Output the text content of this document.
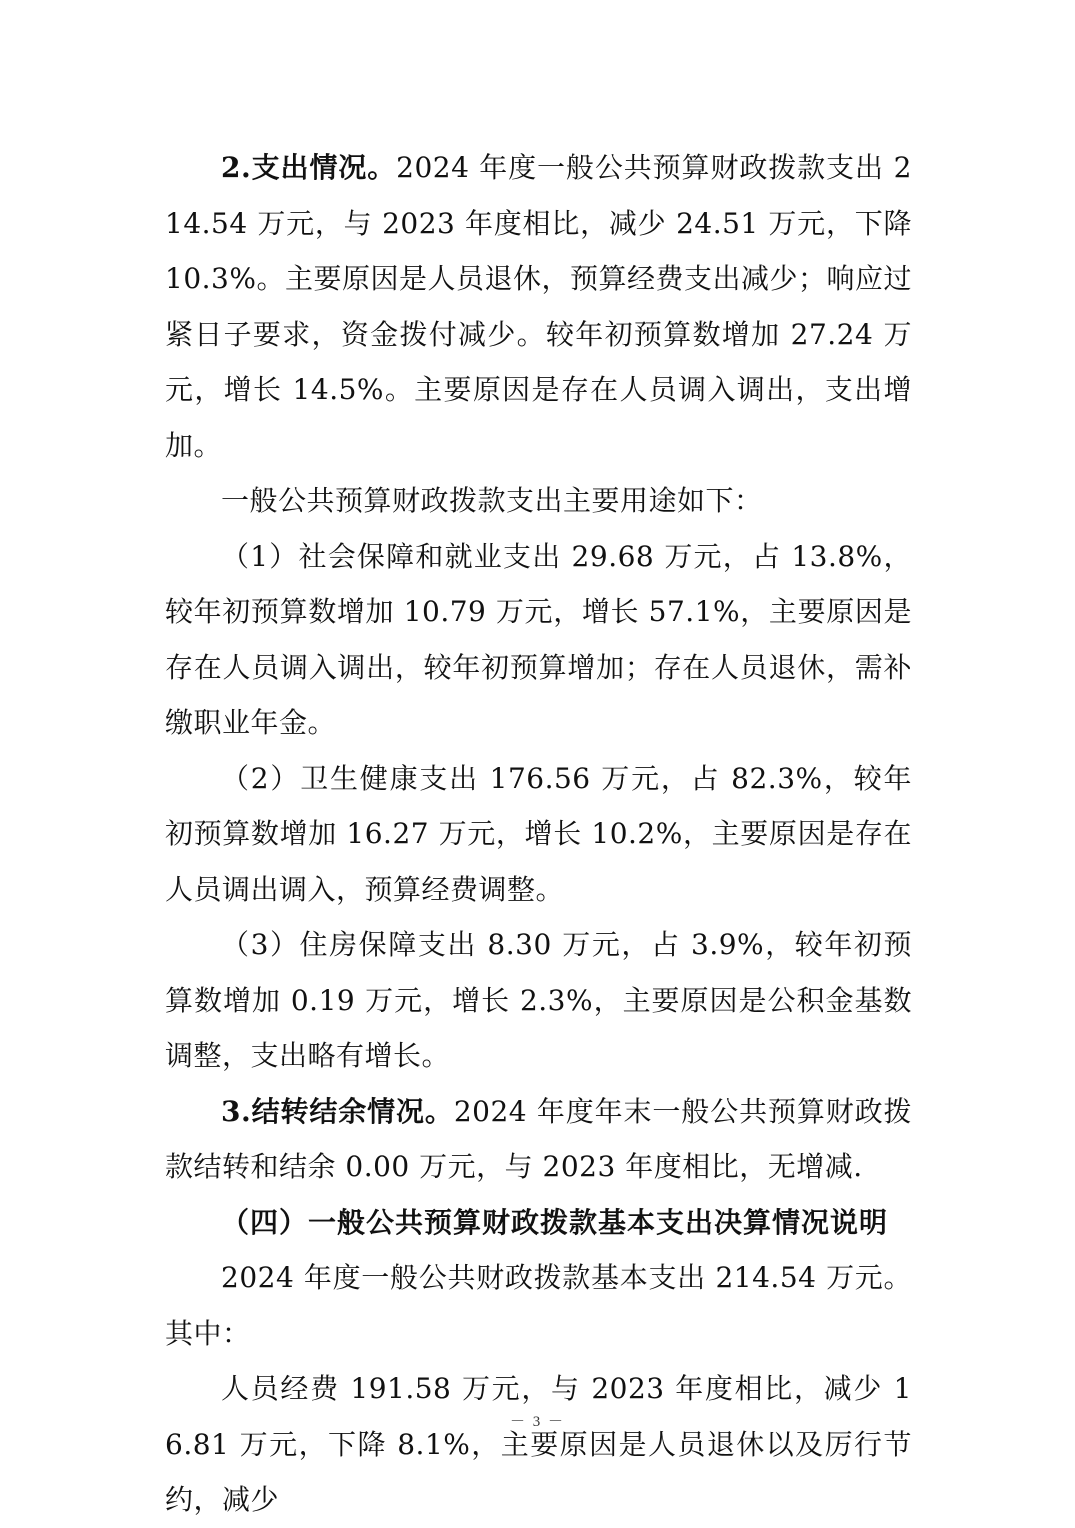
2.支出情况。2024 年度一般公共预算财政拨款支出 214.54 万元，与 2023 年度相比，减少 24.51 万元，下降 10.3%。主要原因是人员退休，预算经费支出减少；响应过紧日子要求，资金拨付减少。较年初预算数增加 27.24 万元，增长 14.5%。主要原因是存在人员调入调出，支出增加。

一般公共预算财政拨款支出主要用途如下：

（1）社会保障和就业支出 29.68 万元，占 13.8%，较年初预算数增加 10.79 万元，增长 57.1%，主要原因是存在人员调入调出，较年初预算增加；存在人员退休，需补缴职业年金。

（2）卫生健康支出 176.56 万元，占 82.3%，较年初预算数增加 16.27 万元，增长 10.2%，主要原因是存在人员调出调入，预算经费调整。

（3）住房保障支出 8.30 万元，占 3.9%，较年初预算数增加 0.19 万元，增长 2.3%，主要原因是公积金基数调整，支出略有增长。

3.结转结余情况。2024 年度年末一般公共预算财政拨款结转和结余 0.00 万元，与 2023 年度相比，无增减.

（四）一般公共预算财政拨款基本支出决算情况说明

2024 年度一般公共财政拨款基本支出 214.54 万元。其中：

人员经费 191.58 万元，与 2023 年度相比，减少 16.81 万元，下降 8.1%，主要原因是人员退休以及厉行节约，减少

－ 3 －
